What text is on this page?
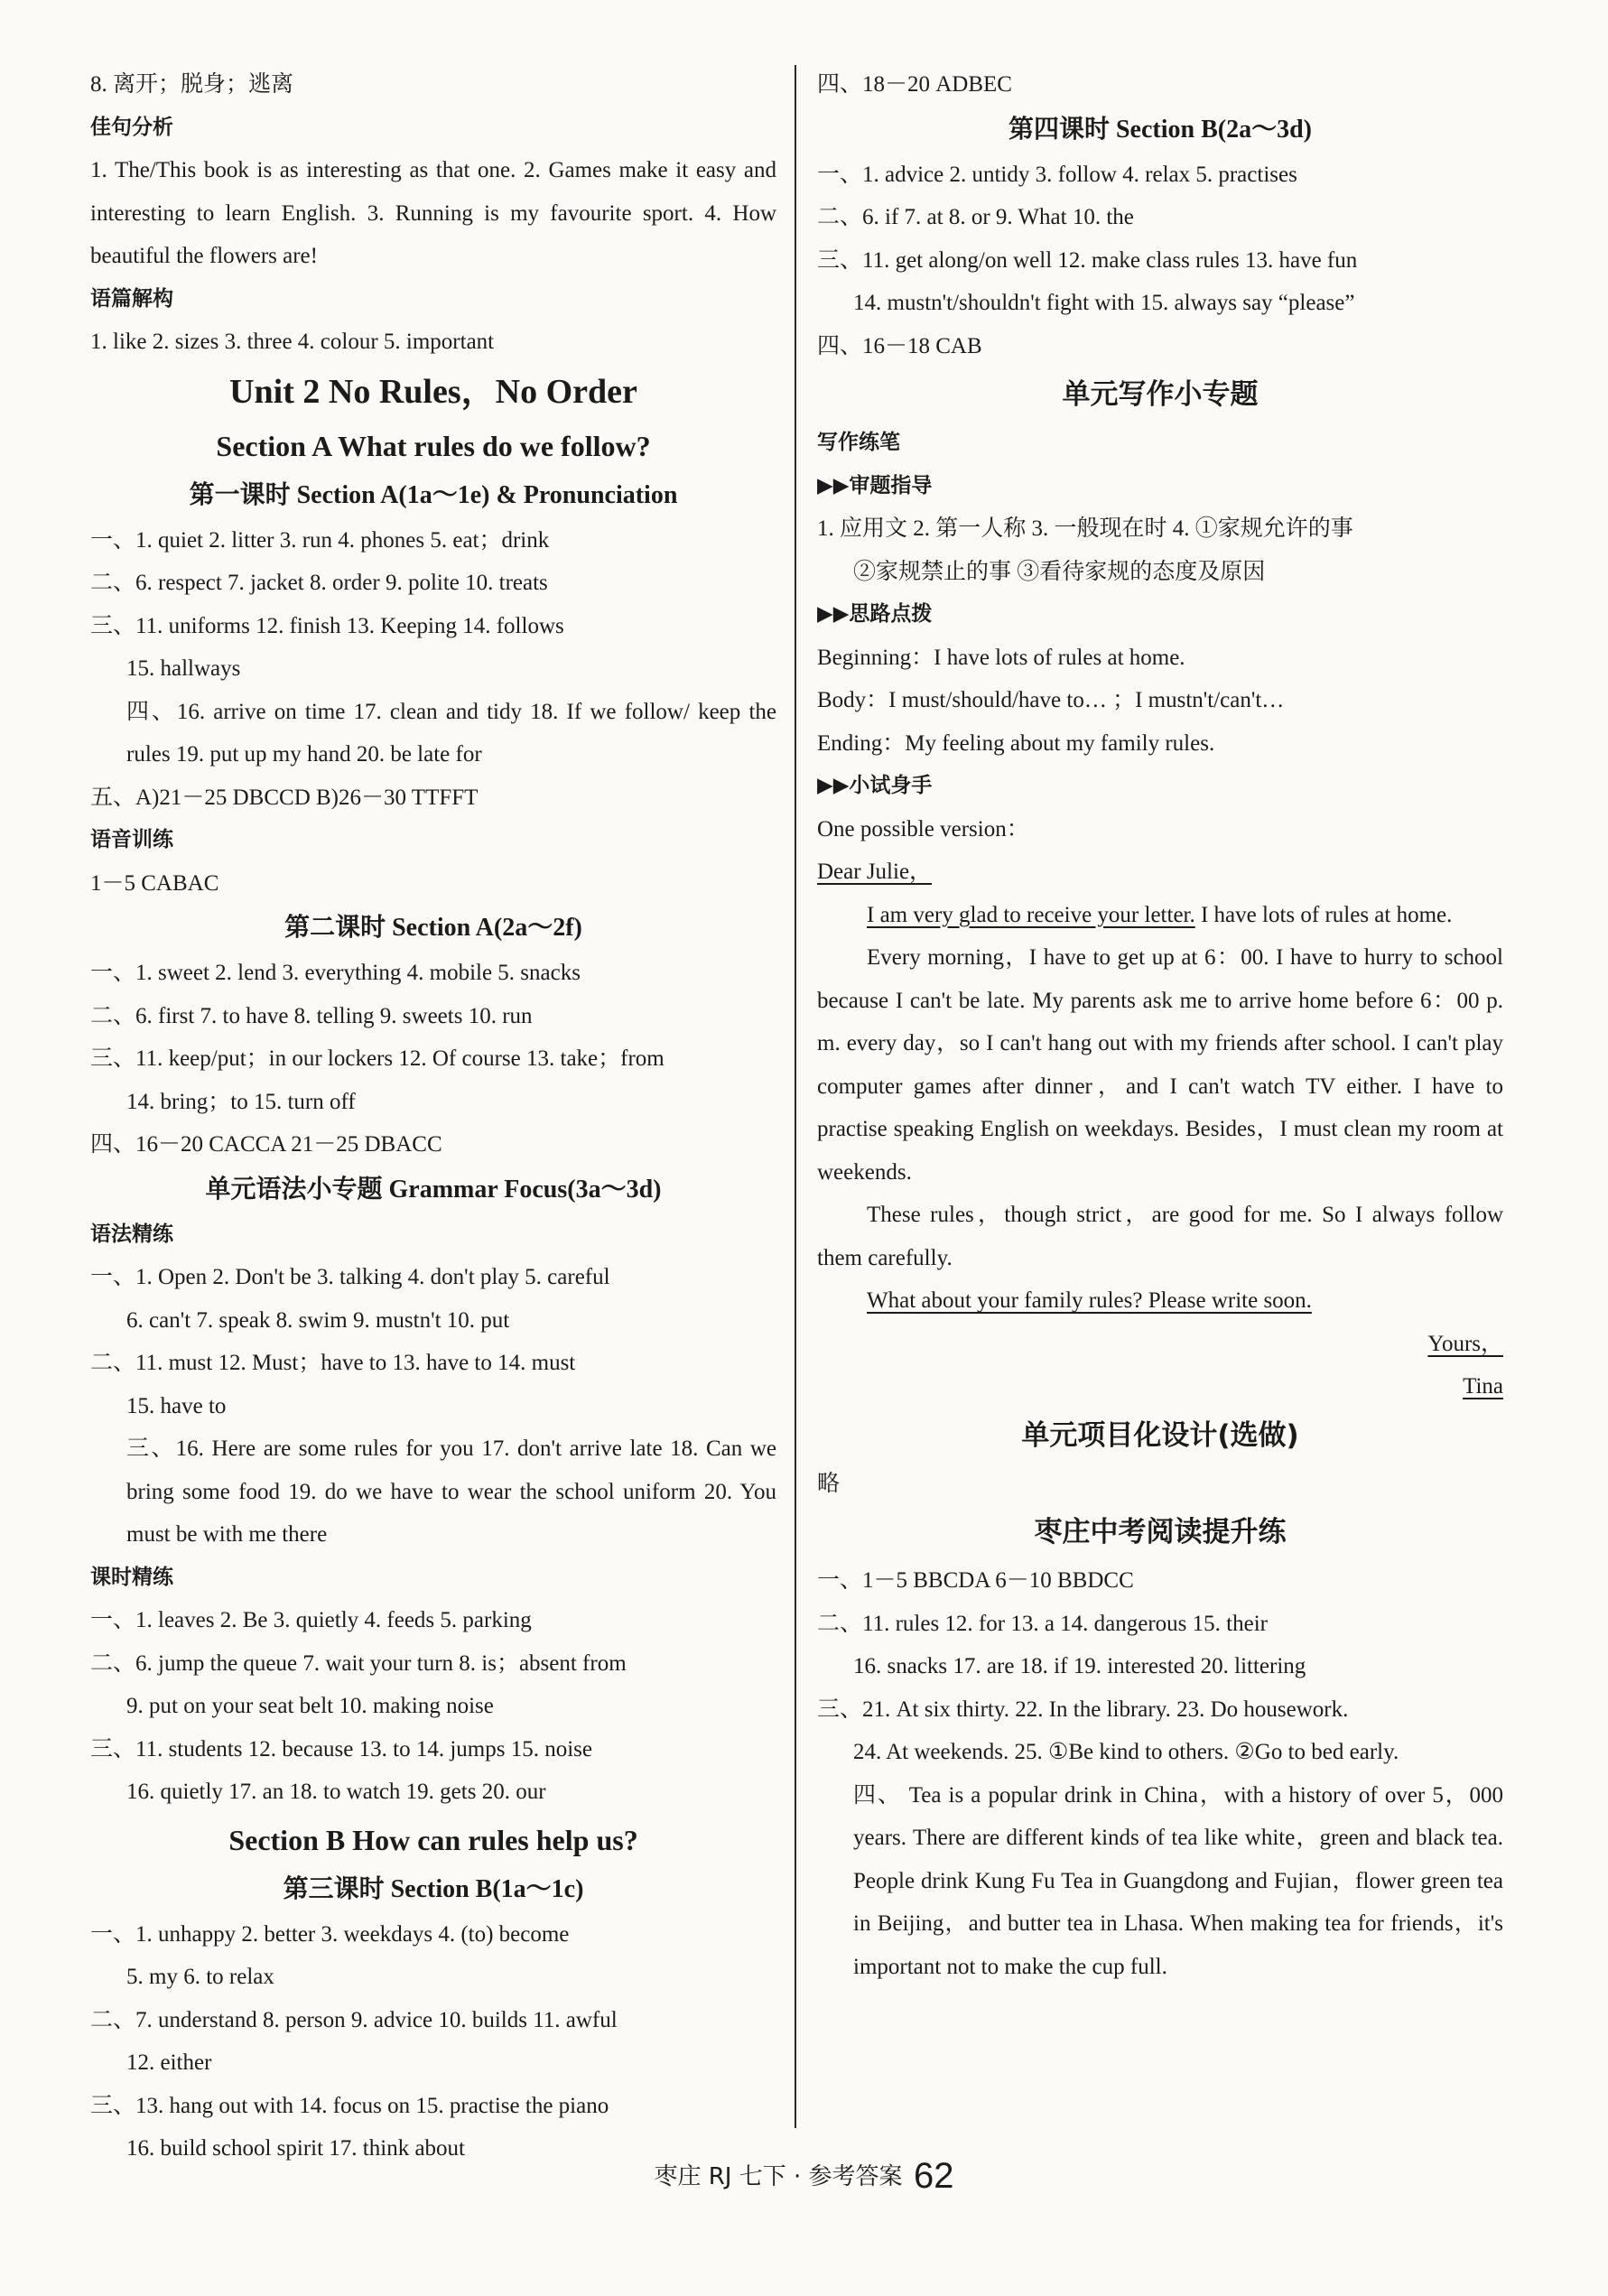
8. 离开；脱身；逃离
佳句分析
1. The/This book is as interesting as that one. 2. Games make it easy and interesting to learn English. 3. Running is my favourite sport. 4. How beautiful the flowers are!
语篇解构
1. like 2. sizes 3. three 4. colour 5. important
Unit 2 No Rules，No Order
Section A What rules do we follow?
第一课时 Section A(1a～1e) & Pronunciation
一、1. quiet 2. litter 3. run 4. phones 5. eat；drink
二、6. respect 7. jacket 8. order 9. polite 10. treats
三、11. uniforms 12. finish 13. Keeping 14. follows
15. hallways
四、16. arrive on time 17. clean and tidy 18. If we follow/ keep the rules 19. put up my hand 20. be late for
五、A)21－25 DBCCD B)26－30 TTFFT
语音训练
1－5 CABAC
第二课时 Section A(2a～2f)
一、1. sweet 2. lend 3. everything 4. mobile 5. snacks
二、6. first 7. to have 8. telling 9. sweets 10. run
三、11. keep/put；in our lockers 12. Of course 13. take；from
14. bring；to 15. turn off
四、16－20 CACCA 21－25 DBACC
单元语法小专题 Grammar Focus(3a～3d)
语法精练
一、1. Open 2. Don't be 3. talking 4. don't play 5. careful
6. can't 7. speak 8. swim 9. mustn't 10. put
二、11. must 12. Must；have to 13. have to 14. must
15. have to
三、16. Here are some rules for you 17. don't arrive late 18. Can we bring some food 19. do we have to wear the school uniform 20. You must be with me there
课时精练
一、1. leaves 2. Be 3. quietly 4. feeds 5. parking
二、6. jump the queue 7. wait your turn 8. is；absent from
9. put on your seat belt 10. making noise
三、11. students 12. because 13. to 14. jumps 15. noise
16. quietly 17. an 18. to watch 19. gets 20. our
Section B How can rules help us?
第三课时 Section B(1a～1c)
一、1. unhappy 2. better 3. weekdays 4. (to) become
5. my 6. to relax
二、7. understand 8. person 9. advice 10. builds 11. awful
12. either
三、13. hang out with 14. focus on 15. practise the piano
16. build school spirit 17. think about
四、18－20 ADBEC
第四课时 Section B(2a～3d)
一、1. advice 2. untidy 3. follow 4. relax 5. practises
二、6. if 7. at 8. or 9. What 10. the
三、11. get along/on well 12. make class rules 13. have fun
14. mustn't/shouldn't fight with 15. always say “please”
四、16－18 CAB
单元写作小专题
写作练笔
▶▶审题指导
1. 应用文 2. 第一人称 3. 一般现在时 4. ①家规允许的事
②家规禁止的事 ③看待家规的态度及原因
▶▶思路点拨
Beginning：I have lots of rules at home.
Body：I must/should/have to… ；I mustn't/can't…
Ending：My feeling about my family rules.
▶▶小试身手
One possible version：
Dear Julie，
I am very glad to receive your letter. I have lots of rules at home.
Every morning，I have to get up at 6：00. I have to hurry to school because I can't be late. My parents ask me to arrive home before 6：00 p. m. every day，so I can't hang out with my friends after school. I can't play computer games after dinner，and I can't watch TV either. I have to practise speaking English on weekdays. Besides，I must clean my room at weekends.
These rules，though strict，are good for me. So I always follow them carefully.
What about your family rules? Please write soon.
Yours，
Tina
单元项目化设计(选做)
略
枣庄中考阅读提升练
一、1－5 BBCDA 6－10 BBDCC
二、11. rules 12. for 13. a 14. dangerous 15. their
16. snacks 17. are 18. if 19. interested 20. littering
三、21. At six thirty. 22. In the library. 23. Do housework.
24. At weekends. 25. ①Be kind to others. ②Go to bed early.
四、 Tea is a popular drink in China，with a history of over 5，000 years. There are different kinds of tea like white，green and black tea. People drink Kung Fu Tea in Guangdong and Fujian，flower green tea in Beijing，and butter tea in Lhasa. When making tea for friends，it's important not to make the cup full.
枣庄 RJ 七下 · 参考答案 62
